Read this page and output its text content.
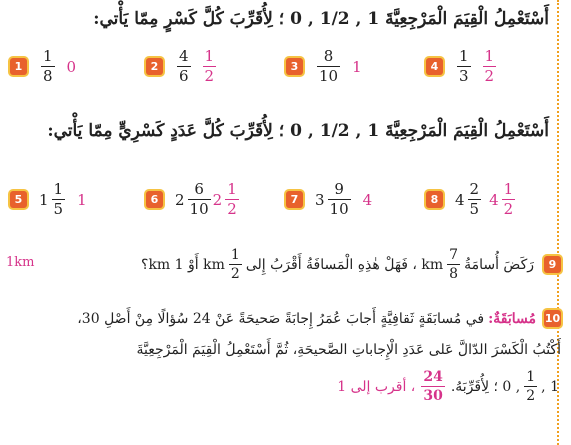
أَسْتَعْمِلُ الْقِيَمَ الْمَرْجِعِيَّةَ 1 , 1/2 , 0 ؛ لِأُقَرِّبَ كُلَّ كَسْرٍ مِمّا يَأْتي:
1	$\frac{1}{8} 0$	2	$\frac{4}{6} \frac{1}{2}$	3	$\frac{8}{10} 1$	4	$\frac{1}{3} \frac{1}{2}$
أَسْتَعْمِلُ الْقِيَمَ الْمَرْجِعِيَّةَ 1 , 1/2 , 0 ؛ لِأُقَرِّبَ كُلَّ عَدَدٍ كَسْرِيٍّ مِمّا يَأْتي:
5	$1 \frac{1}{5} 1$	6	$2 \frac{6}{10} 2 \frac{1}{2}$	7	$3 \frac{9}{10} 4$	8	$4 \frac{2}{5} 4 \frac{1}{2}$
1km	9
رَكَضَ أُسامَةُ
$\frac{7}{8}$
km ، فَهَلْ هٰذِهِ الْمَسافَةُ أَقْرَبُ إِلى
$\frac{1}{2}$
km أَوْ 1 km؟
10
مُسابَقَةٌ:
في مُسابَقَةٍ ثَقافِيَّةٍ أَجابَ عُمَرُ إِجابَةً صَحيحَةً عَنْ 24 سُؤالًا مِنْ أَصْلِ 30،
أَكْتُبُ الْكَسْرَ الدّالَّ عَلى عَدَدِ الْإِجاباتِ الصَّحيحَةِ، ثُمَّ أَسْتَعْمِلُ الْقِيَمَ الْمَرْجِعِيَّةَ
1 ,
$\frac{1}{2}$
, 0 ؛ لِأُقَرِّبَهُ.
$\frac{24}{30}$
، أقرب إلى 1
